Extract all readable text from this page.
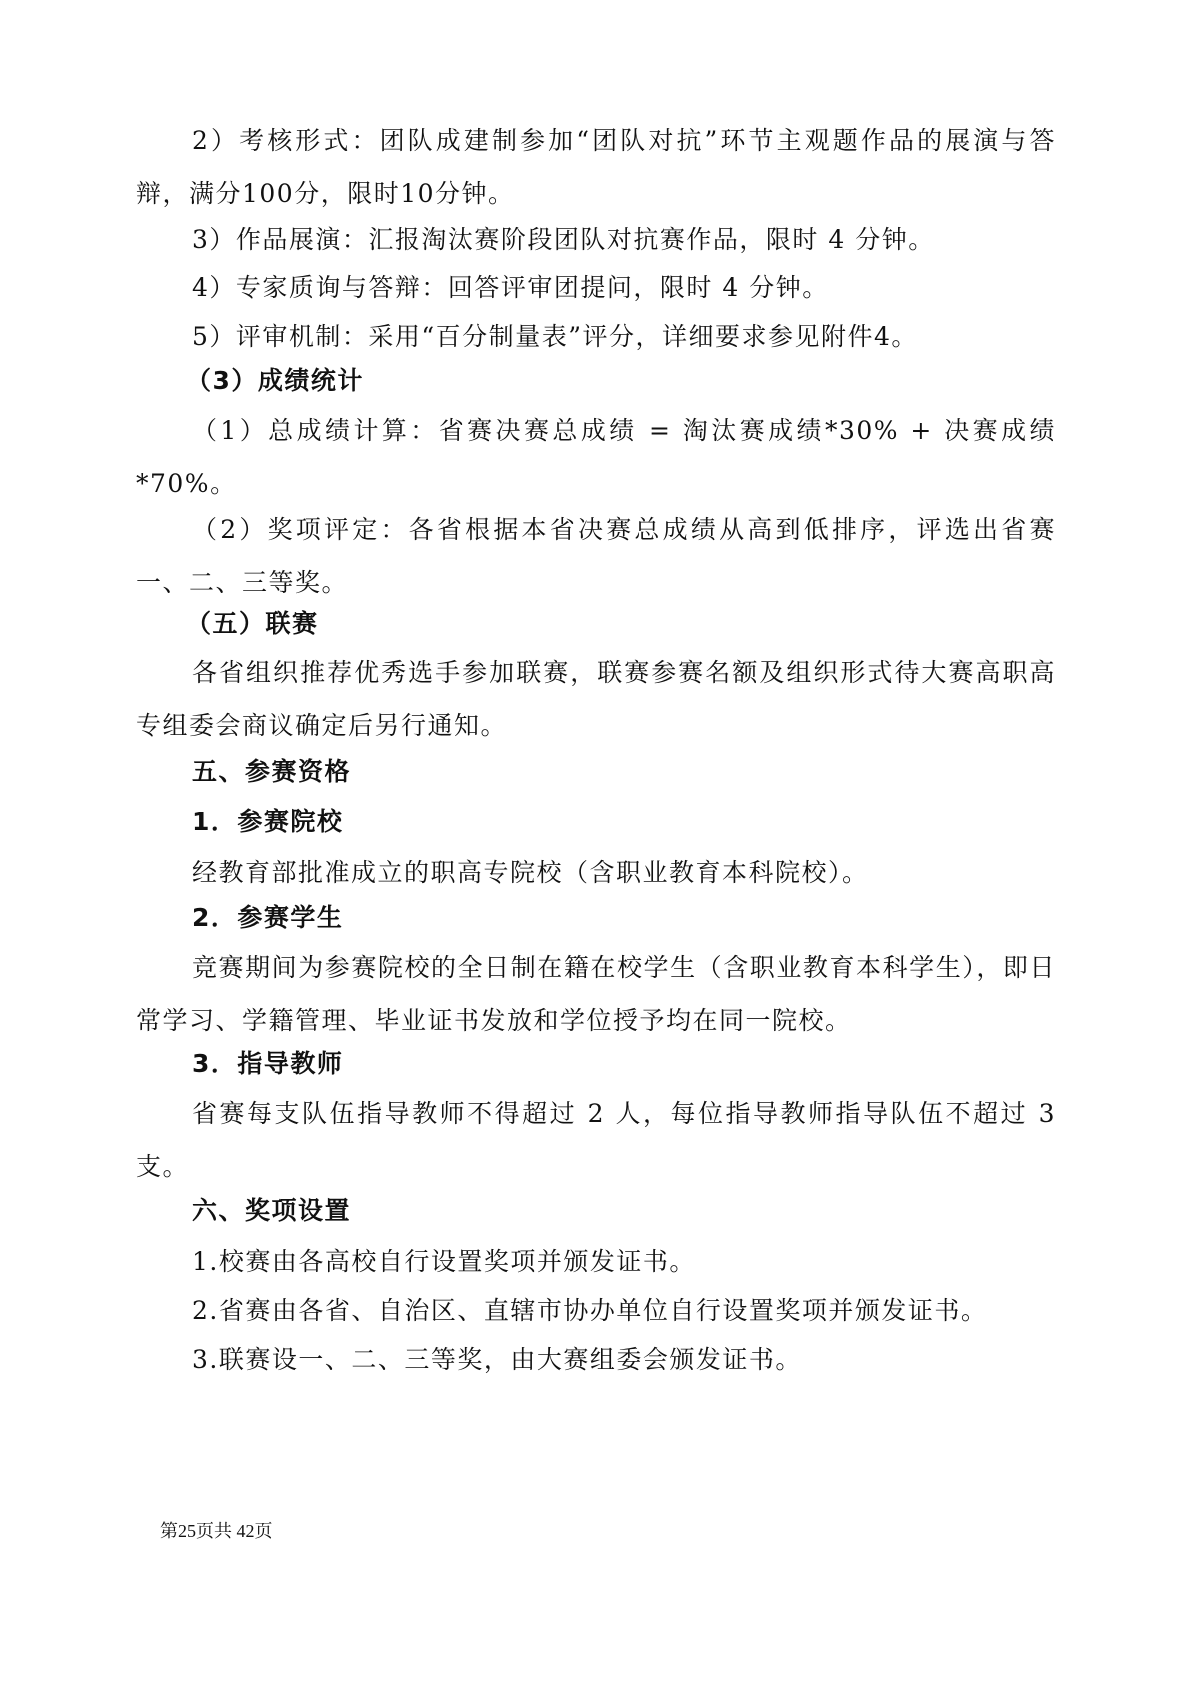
2）考核形式：团队成建制参加“团队对抗”环节主观题作品的展演与答辩，满分100分，限时10分钟。
3）作品展演：汇报淘汰赛阶段团队对抗赛作品，限时 4 分钟。
4）专家质询与答辩：回答评审团提问，限时 4 分钟。
5）评审机制：采用“百分制量表”评分，详细要求参见附件4。
（3）成绩统计
（1）总成绩计算：省赛决赛总成绩 = 淘汰赛成绩*30% + 决赛成绩*70%。
（2）奖项评定：各省根据本省决赛总成绩从高到低排序，评选出省赛一、二、三等奖。
（五）联赛
各省组织推荐优秀选手参加联赛，联赛参赛名额及组织形式待大赛高职高专组委会商议确定后另行通知。
五、参赛资格
1．参赛院校
经教育部批准成立的职高专院校（含职业教育本科院校）。
2．参赛学生
竞赛期间为参赛院校的全日制在籍在校学生（含职业教育本科学生），即日常学习、学籍管理、毕业证书发放和学位授予均在同一院校。
3．指导教师
省赛每支队伍指导教师不得超过 2 人，每位指导教师指导队伍不超过 3 支。
六、奖项设置
1.校赛由各高校自行设置奖项并颁发证书。
2.省赛由各省、自治区、直辖市协办单位自行设置奖项并颁发证书。
3.联赛设一、二、三等奖，由大赛组委会颁发证书。
第25页共 42页
